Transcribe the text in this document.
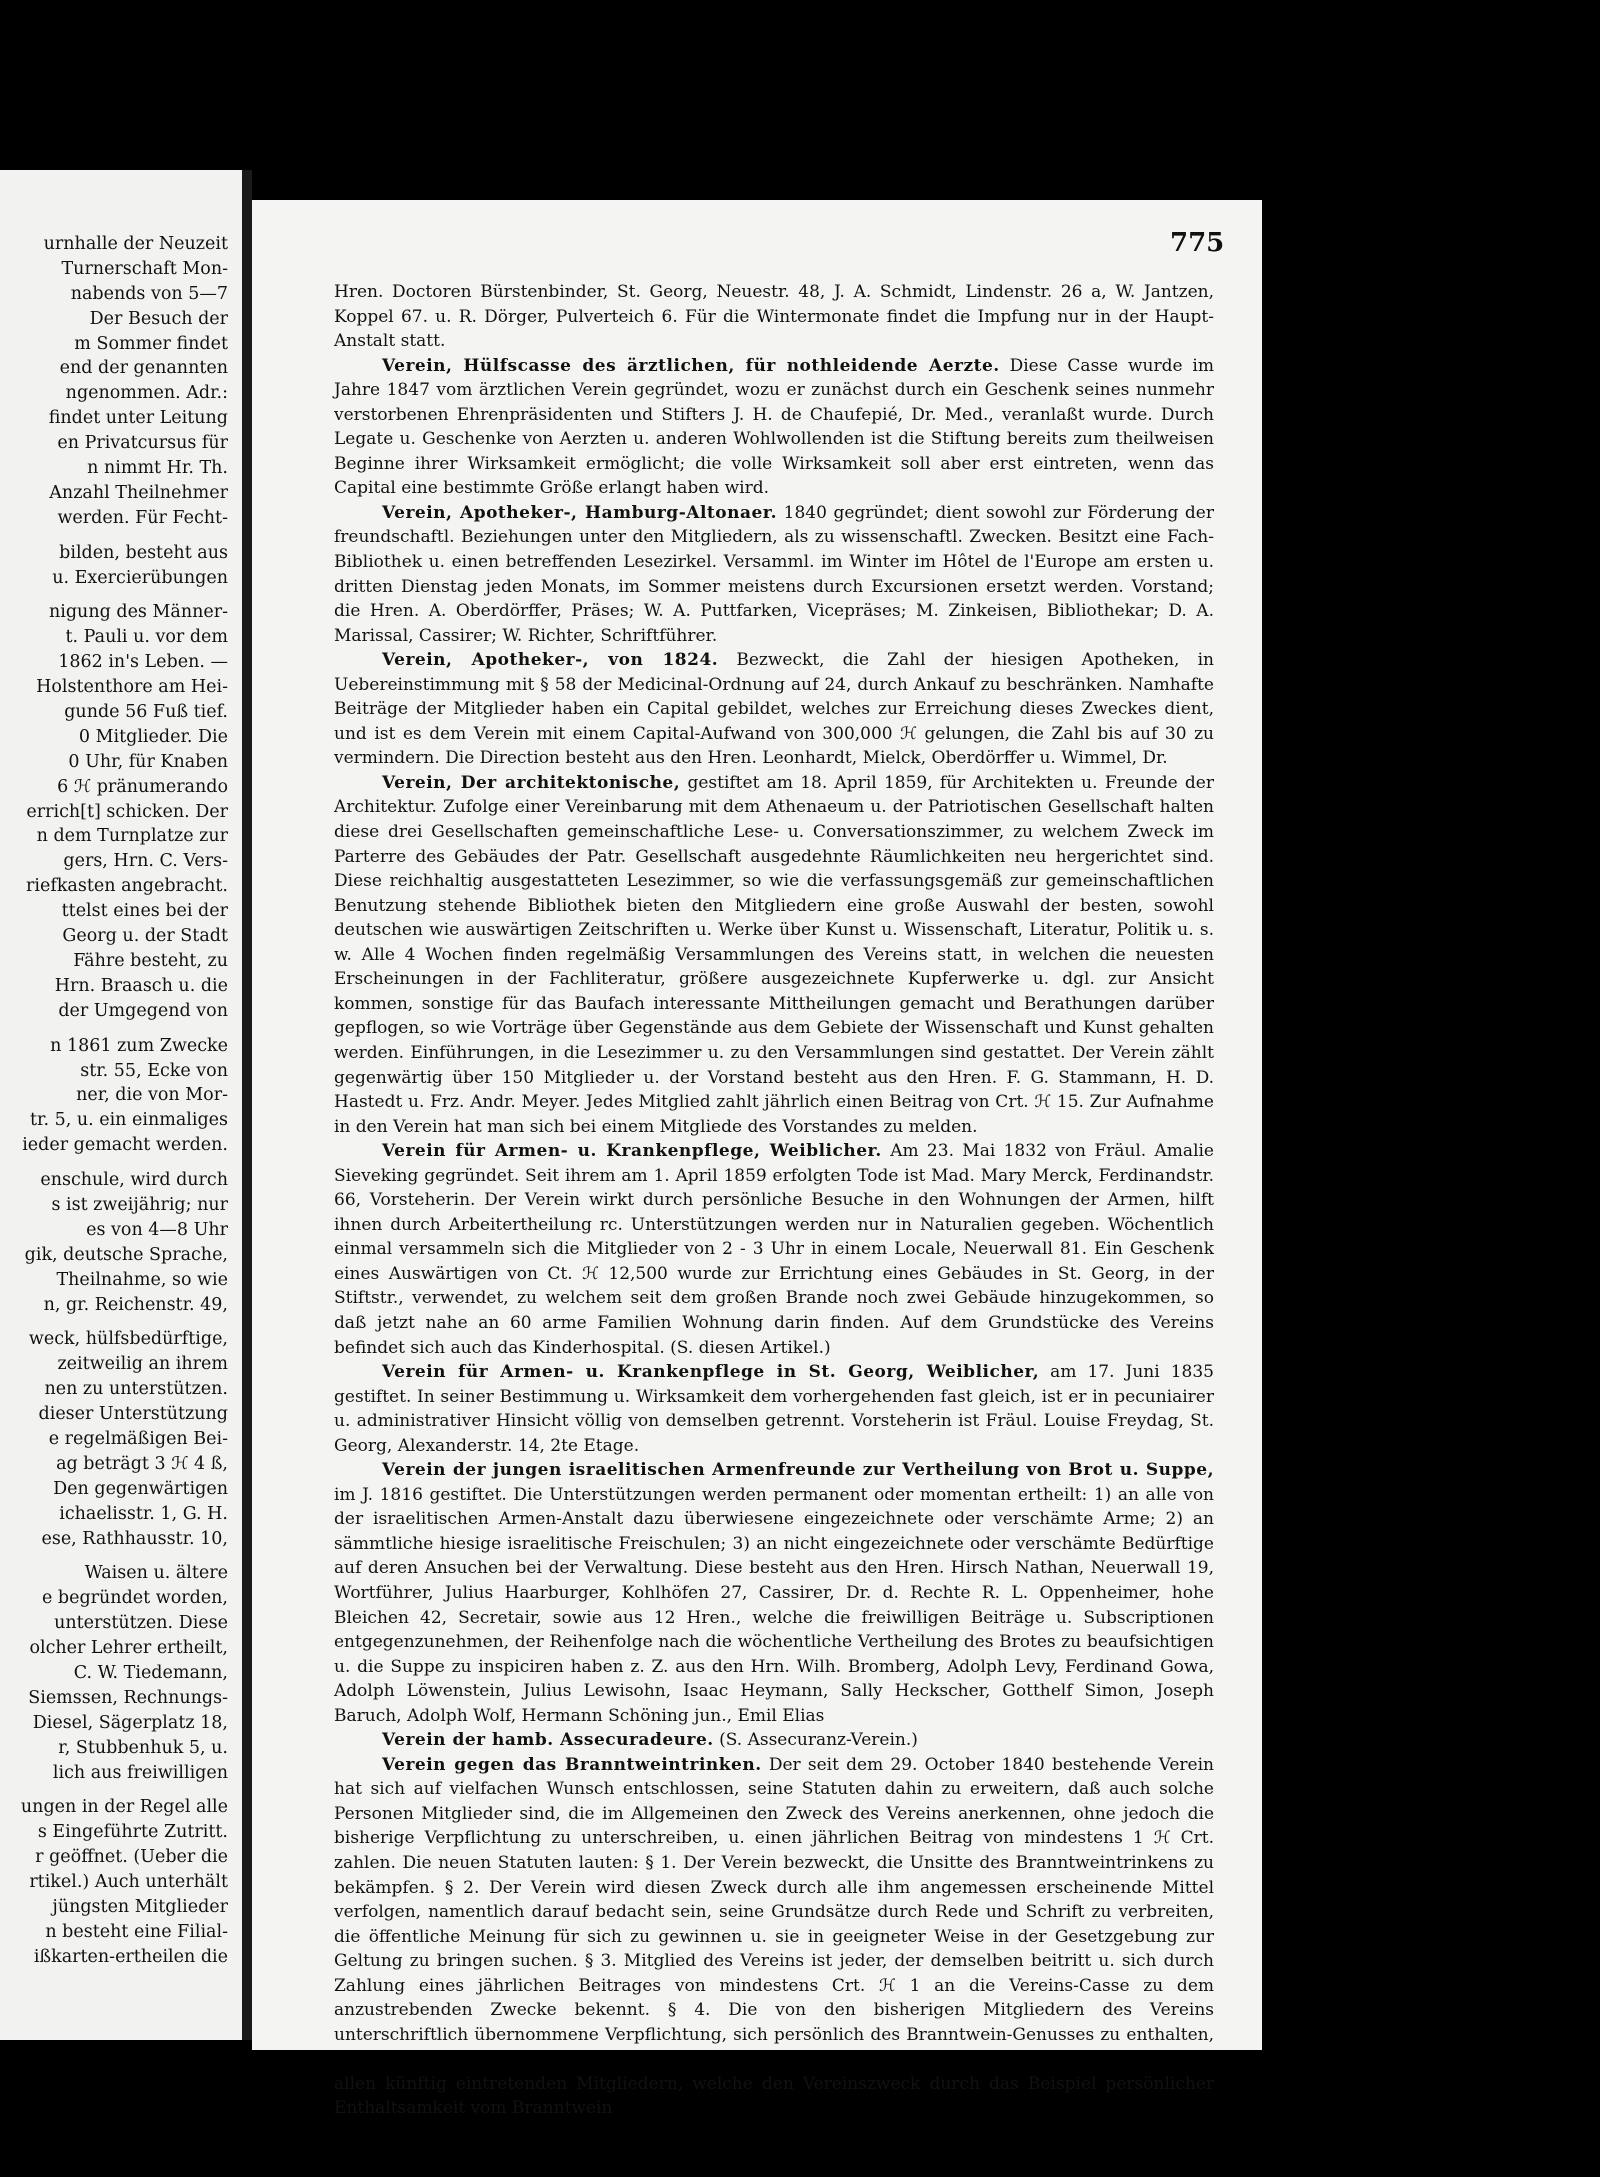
urnhalle der Neuzeit
Turnerschaft Mon-
nabends von 5—7
Der Besuch der
m Sommer findet
end der genannten
ngenommen. Adr.:
findet unter Leitung
en Privatcursus für
n nimmt Hr. Th.
Anzahl Theilnehmer
werden. Für Fecht-
bilden, besteht aus
u. Exercierübungen
nigung des Männer-
t. Pauli u. vor dem
1862 in's Leben. —
Holstenthore am Hei-
gunde 56 Fuß tief.
0 Mitglieder. Die
0 Uhr, für Knaben
6 ℋ pränumerando
errich[t] schicken. Der
n dem Turnplatze zur
gers, Hrn. C. Vers-
riefkasten angebracht.
ttelst eines bei der
Georg u. der Stadt
Fähre besteht, zu
Hrn. Braasch u. die
der Umgegend von
n 1861 zum Zwecke
str. 55, Ecke von
ner, die von Mor-
tr. 5, u. ein einmaliges
ieder gemacht werden.
enschule, wird durch
s ist zweijährig; nur
es von 4—8 Uhr
gik, deutsche Sprache,
Theilnahme, so wie
n, gr. Reichenstr. 49,
weck, hülfsbedürftige,
zeitweilig an ihrem
nen zu unterstützen.
dieser Unterstützung
e regelmäßigen Bei-
ag beträgt 3 ℋ 4 ß,
Den gegenwärtigen
ichaelisstr. 1, G. H.
ese, Rathhausstr. 10,
Waisen u. ältere
e begründet worden,
unterstützen. Diese
olcher Lehrer ertheilt,
C. W. Tiedemann,
Siemssen, Rechnungs-
Diesel, Sägerplatz 18,
r, Stubbenhuk 5, u.
lich aus freiwilligen
ungen in der Regel alle
s Eingeführte Zutritt.
r geöffnet. (Ueber die
rtikel.) Auch unterhält
jüngsten Mitglieder
n besteht eine Filial-
ißkarten-ertheilen die
775

Hren. Doctoren Bürstenbinder, St. Georg, Neuestr. 48, J. A. Schmidt, Lindenstr. 26 a, W. Jantzen, Koppel 67. u. R. Dörger, Pulverteich 6. Für die Wintermonate findet die Impfung nur in der Haupt-Anstalt statt.

Verein, Hülfscasse des ärztlichen, für nothleidende Aerzte. Diese Casse wurde im Jahre 1847 vom ärztlichen Verein gegründet, wozu er zunächst durch ein Geschenk seines nunmehr verstorbenen Ehrenpräsidenten und Stifters J. H. de Chaufepié, Dr. Med., veranlaßt wurde. Durch Legate u. Geschenke von Aerzten u. anderen Wohlwollenden ist die Stiftung bereits zum theilweisen Beginne ihrer Wirksamkeit ermöglicht; die volle Wirksamkeit soll aber erst eintreten, wenn das Capital eine bestimmte Größe erlangt haben wird.

Verein, Apotheker-, Hamburg-Altonaer. 1840 gegründet; dient sowohl zur Förderung der freundschaftl. Beziehungen unter den Mitgliedern, als zu wissenschaftl. Zwecken. Besitzt eine Fach-Bibliothek u. einen betreffenden Lesezirkel. Versamml. im Winter im Hôtel de l'Europe am ersten u. dritten Dienstag jeden Monats, im Sommer meistens durch Excursionen ersetzt werden. Vorstand; die Hren. A. Oberdörffer, Präses; W. A. Puttfarken, Vicepräses; M. Zinkeisen, Bibliothekar; D. A. Marissal, Cassirer; W. Richter, Schriftführer.

Verein, Apotheker-, von 1824. Bezweckt, die Zahl der hiesigen Apotheken, in Uebereinstimmung mit § 58 der Medicinal-Ordnung auf 24, durch Ankauf zu beschränken. Namhafte Beiträge der Mitglieder haben ein Capital gebildet, welches zur Erreichung dieses Zweckes dient, und ist es dem Verein mit einem Capital-Aufwand von 300,000 ℋ gelungen, die Zahl bis auf 30 zu vermindern. Die Direction besteht aus den Hren. Leonhardt, Mielck, Oberdörffer u. Wimmel, Dr.

Verein, Der architektonische, gestiftet am 18. April 1859, für Architekten u. Freunde der Architektur. Zufolge einer Vereinbarung mit dem Athenaeum u. der Patriotischen Gesellschaft halten diese drei Gesellschaften gemeinschaftliche Lese- u. Conversationszimmer, zu welchem Zweck im Parterre des Gebäudes der Patr. Gesellschaft ausgedehnte Räumlichkeiten neu hergerichtet sind. Diese reichhaltig ausgestatteten Lesezimmer, so wie die verfassungsgemäß zur gemeinschaftlichen Benutzung stehende Bibliothek bieten den Mitgliedern eine große Auswahl der besten, sowohl deutschen wie auswärtigen Zeitschriften u. Werke über Kunst u. Wissenschaft, Literatur, Politik u. s. w. Alle 4 Wochen finden regelmäßig Versammlungen des Vereins statt, in welchen die neuesten Erscheinungen in der Fachliteratur, größere ausgezeichnete Kupferwerke u. dgl. zur Ansicht kommen, sonstige für das Baufach interessante Mittheilungen gemacht und Berathungen darüber gepflogen, so wie Vorträge über Gegenstände aus dem Gebiete der Wissenschaft und Kunst gehalten werden. Einführungen, in die Lesezimmer u. zu den Versammlungen sind gestattet. Der Verein zählt gegenwärtig über 150 Mitglieder u. der Vorstand besteht aus den Hren. F. G. Stammann, H. D. Hastedt u. Frz. Andr. Meyer. Jedes Mitglied zahlt jährlich einen Beitrag von Crt. ℋ 15. Zur Aufnahme in den Verein hat man sich bei einem Mitgliede des Vorstandes zu melden.

Verein für Armen- u. Krankenpflege, Weiblicher. Am 23. Mai 1832 von Fräul. Amalie Sieveking gegründet. Seit ihrem am 1. April 1859 erfolgten Tode ist Mad. Mary Merck, Ferdinandstr. 66, Vorsteherin. Der Verein wirkt durch persönliche Besuche in den Wohnungen der Armen, hilft ihnen durch Arbeitertheilung rc. Unterstützungen werden nur in Naturalien gegeben. Wöchentlich einmal versammeln sich die Mitglieder von 2 - 3 Uhr in einem Locale, Neuerwall 81. Ein Geschenk eines Auswärtigen von Ct. ℋ 12,500 wurde zur Errichtung eines Gebäudes in St. Georg, in der Stiftstr., verwendet, zu welchem seit dem großen Brande noch zwei Gebäude hinzugekommen, so daß jetzt nahe an 60 arme Familien Wohnung darin finden. Auf dem Grundstücke des Vereins befindet sich auch das Kinderhospital. (S. diesen Artikel.)

Verein für Armen- u. Krankenpflege in St. Georg, Weiblicher, am 17. Juni 1835 gestiftet. In seiner Bestimmung u. Wirksamkeit dem vorhergehenden fast gleich, ist er in pecuniairer u. administrativer Hinsicht völlig von demselben getrennt. Vorsteherin ist Fräul. Louise Freydag, St. Georg, Alexanderstr. 14, 2te Etage.

Verein der jungen israelitischen Armenfreunde zur Vertheilung von Brot u. Suppe, im J. 1816 gestiftet. Die Unterstützungen werden permanent oder momentan ertheilt: 1) an alle von der israelitischen Armen-Anstalt dazu überwiesene eingezeichnete oder verschämte Arme; 2) an sämmtliche hiesige israelitische Freischulen; 3) an nicht eingezeichnete oder verschämte Bedürftige auf deren Ansuchen bei der Verwaltung. Diese besteht aus den Hren. Hirsch Nathan, Neuerwall 19, Wortführer, Julius Haarburger, Kohlhöfen 27, Cassirer, Dr. d. Rechte R. L. Oppenheimer, hohe Bleichen 42, Secretair, sowie aus 12 Hren., welche die freiwilligen Beiträge u. Subscriptionen entgegenzunehmen, der Reihenfolge nach die wöchentliche Vertheilung des Brotes zu beaufsichtigen u. die Suppe zu inspiciren haben z. Z. aus den Hrn. Wilh. Bromberg, Adolph Levy, Ferdinand Gowa, Adolph Löwenstein, Julius Lewisohn, Isaac Heymann, Sally Heckscher, Gotthelf Simon, Joseph Baruch, Adolph Wolf, Hermann Schöning jun., Emil Elias

Verein der hamb. Assecuradeure. (S. Assecuranz-Verein.)

Verein gegen das Branntweintrinken. Der seit dem 29. October 1840 bestehende Verein hat sich auf vielfachen Wunsch entschlossen, seine Statuten dahin zu erweitern, daß auch solche Personen Mitglieder sind, die im Allgemeinen den Zweck des Vereins anerkennen, ohne jedoch die bisherige Verpflichtung zu unterschreiben, u. einen jährlichen Beitrag von mindestens 1 ℋ Crt. zahlen. Die neuen Statuten lauten: § 1. Der Verein bezweckt, die Unsitte des Branntweintrinkens zu bekämpfen. § 2. Der Verein wird diesen Zweck durch alle ihm angemessen erscheinende Mittel verfolgen, namentlich darauf bedacht sein, seine Grundsätze durch Rede und Schrift zu verbreiten, die öffentliche Meinung für sich zu gewinnen u. sie in geeigneter Weise in der Gesetzgebung zur Geltung zu bringen suchen. § 3. Mitglied des Vereins ist jeder, der demselben beitritt u. sich durch Zahlung eines jährlichen Beitrages von mindestens Crt. ℋ 1 an die Vereins-Casse zu dem anzustrebenden Zwecke bekennt. § 4. Die von den bisherigen Mitgliedern des Vereins unterschriftlich übernommene Verpflichtung, sich persönlich des Branntwein-Genusses zu enthalten, allen künftig eintretenden Mitgliedern, welche den Vereinszweck durch das Beispiel persönlicher Enthaltsamkeit vom Branntwein
